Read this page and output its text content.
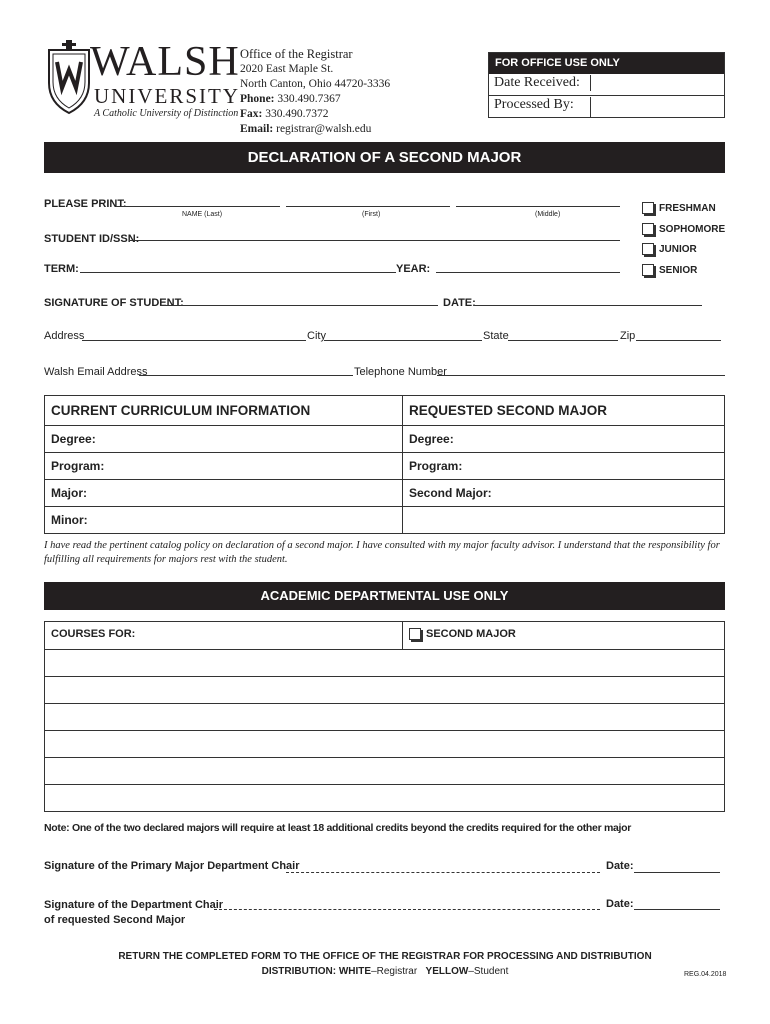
WALSH
UNIVERSITY
A Catholic University of Distinction
Office of the Registrar
2020 East Maple St.
North Canton, Ohio 44720-3336
Phone: 330.490.7367
Fax: 330.490.7372
Email: registrar@walsh.edu
FOR OFFICE USE ONLY
Date Received:
Processed By:
DECLARATION OF A SECOND MAJOR
PLEASE PRINT:
NAME (Last)	(First)	(Middle)
STUDENT ID/SSN:
TERM:	YEAR:
FRESHMAN
SOPHOMORE
JUNIOR
SENIOR
SIGNATURE OF STUDENT:	DATE:
Address	City	State	Zip
Walsh Email Address	Telephone Number
CURRENT CURRICULUM INFORMATION	REQUESTED SECOND MAJOR
Degree:	Degree:
Program:	Program:
Major:	Second Major:
Minor:	
I have read the pertinent catalog policy on declaration of a second major. I have consulted with my major faculty advisor. I understand that the responsibility for fulfilling all requirements for majors rest with the student.
ACADEMIC DEPARTMENTAL USE ONLY
COURSES FOR:	SECOND MAJOR
Note: One of the two declared majors will require at least 18 additional credits beyond the credits required for the other major
Signature of the Primary Major Department Chair	Date:
Signature of the Department Chair
of requested Second Major
Date:
RETURN THE COMPLETED FORM TO THE OFFICE OF THE REGISTRAR FOR PROCESSING AND DISTRIBUTION
DISTRIBUTION: WHITE–Registrar YELLOW–Student	REG.04.2018
